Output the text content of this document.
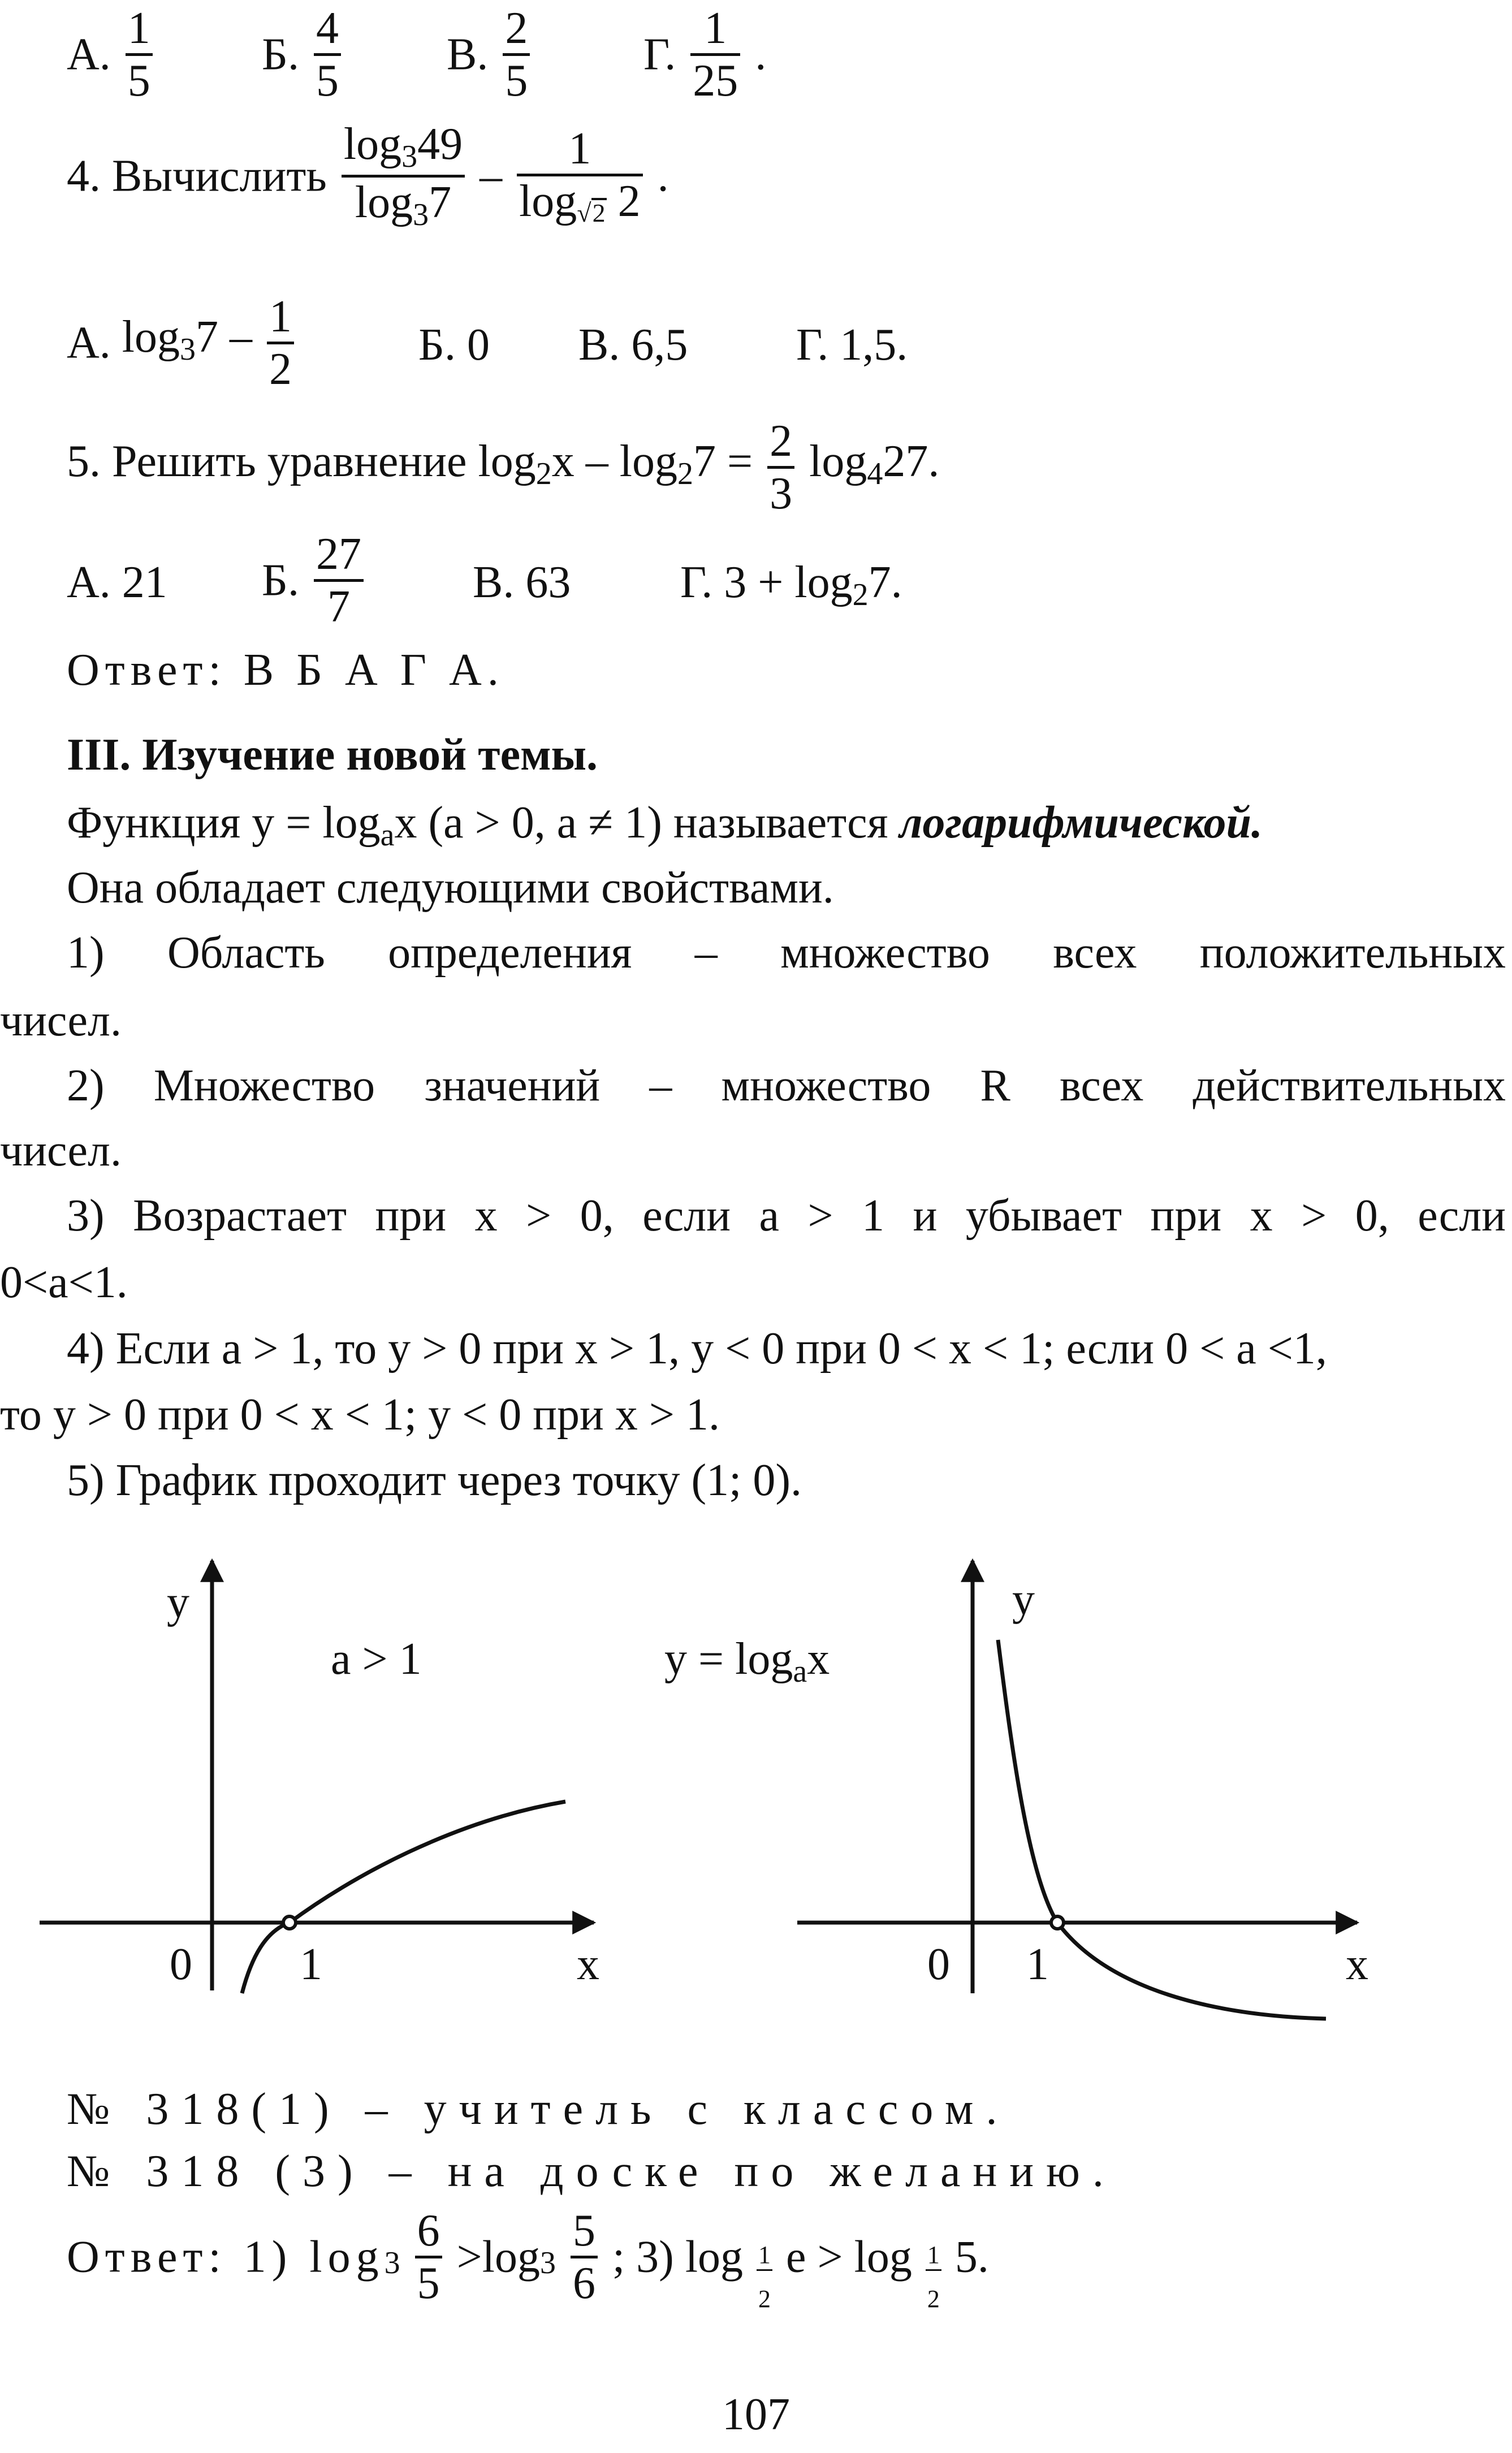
А. $\frac{1}{5} Б$. $\frac{4}{5} В$. $\frac{2}{5}$	Г. $\frac{1}{25}$ .
4. Вычислить $\frac{\log_349}{\log_37} - \frac{1}{\log√2 2}$ .
А. $\log_37 - \frac{1}{2}$	Б. 0 В. 6,5 Г. 1,5.
5. Решить уравнение $\log_2x - \log_27 = \frac{2}{3} \log_427$.
А. 21 Б. $\frac{27}{7} В$. 63 Г. $3 + \log_27$.
Ответ: В Б А Г А.
III. Изучение новой темы.
Функция $y = \log_ax$ (a > 0, a ≠ 1) называется логарифмической.
Она обладает следующими свойствами.
1) Область определения – множество всех положительных
чисел.
2) Множество значений – множество R всех действительных
чисел.
3) Возрастает при x > 0, если a > 1 и убывает при x > 0, если
0<a<1.
4) Если a > 1, то y > 0 при x > 1, y < 0 при 0 < x < 1; если 0 < a <1,
то y > 0 при 0 < x < 1; y < 0 при x > 1.
5) График проходит через точку (1; 0).
y
x
0 1
a > 1	y = logax
y
x
0 1
№ 318(1) – учитель с классом.
№ 318 (3) – на доске по желанию.
Ответ: 1) $\log 3 \frac{6}{5} >\log 3 \frac{5}{6}$ ; 3) $\log \frac{1}{2}$ $e > \log \frac{1}{2} 5$.
107
